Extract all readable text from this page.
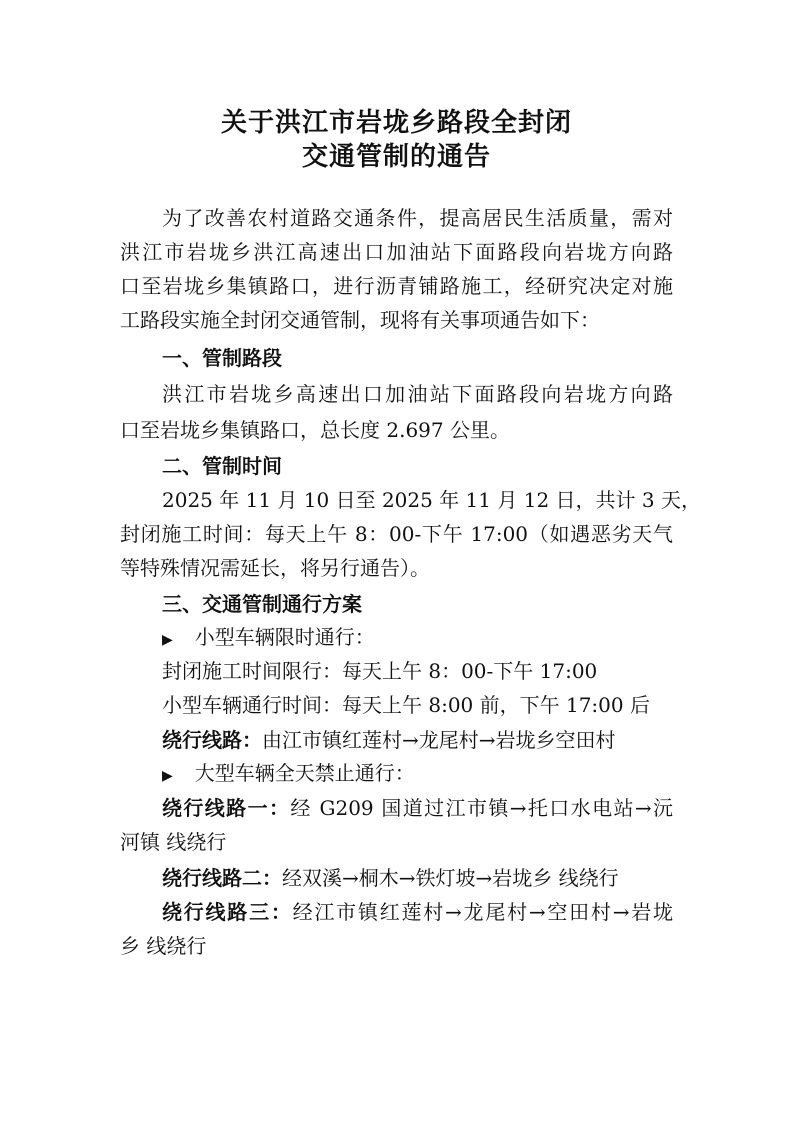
关于洪江市岩垅乡路段全封闭
交通管制的通告
为了改善农村道路交通条件，提高居民生活质量，需对
洪江市岩垅乡洪江高速出口加油站下面路段向岩垅方向路
口至岩垅乡集镇路口，进行沥青铺路施工，经研究决定对施
工路段实施全封闭交通管制，现将有关事项通告如下：
一、管制路段
洪江市岩垅乡高速出口加油站下面路段向岩垅方向路
口至岩垅乡集镇路口，总长度 2.697 公里。
二、管制时间
2025 年 11 月 10 日至 2025 年 11 月 12 日，共计 3 天，
封闭施工时间：每天上午 8：00-下午 17:00（如遇恶劣天气
等特殊情况需延长，将另行通告）。
三、交通管制通行方案
▶ 小型车辆限时通行：
封闭施工时间限行：每天上午 8：00-下午 17:00
小型车辆通行时间：每天上午 8:00 前，下午 17:00 后
绕行线路：由江市镇红莲村→龙尾村→岩垅乡空田村
▶ 大型车辆全天禁止通行：
绕行线路一：经 G209 国道过江市镇→托口水电站→沅
河镇 线绕行
绕行线路二：经双溪→桐木→铁灯坡→岩垅乡 线绕行
绕行线路三：经江市镇红莲村→龙尾村→空田村→岩垅
乡 线绕行
